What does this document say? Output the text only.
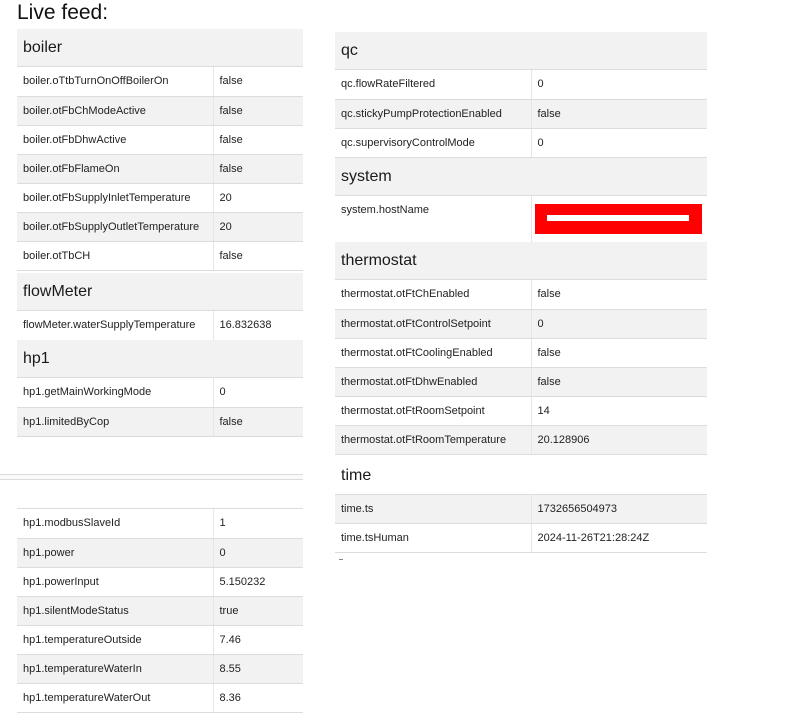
Live feed:
boiler
boiler.oTtbTurnOnOffBoilerOn	false
boiler.otFbChModeActive	false
boiler.otFbDhwActive	false
boiler.otFbFlameOn	false
boiler.otFbSupplyInletTemperature	20
boiler.otFbSupplyOutletTemperature	20
boiler.otTbCH	false
flowMeter
flowMeter.waterSupplyTemperature	16.832638
hp1
hp1.getMainWorkingMode	0
hp1.limitedByCop	false
hp1.modbusSlaveId	1
hp1.power	0
hp1.powerInput	5.150232
hp1.silentModeStatus	true
hp1.temperatureOutside	7.46
hp1.temperatureWaterIn	8.55
hp1.temperatureWaterOut	8.36
qc
qc.flowRateFiltered	0
qc.stickyPumpProtectionEnabled	false
qc.supervisoryControlMode	0
system
system.hostName	
thermostat
thermostat.otFtChEnabled	false
thermostat.otFtControlSetpoint	0
thermostat.otFtCoolingEnabled	false
thermostat.otFtDhwEnabled	false
thermostat.otFtRoomSetpoint	14
thermostat.otFtRoomTemperature	20.128906
time
time.ts	1732656504973
time.tsHuman	2024-11-26T21:28:24Z
